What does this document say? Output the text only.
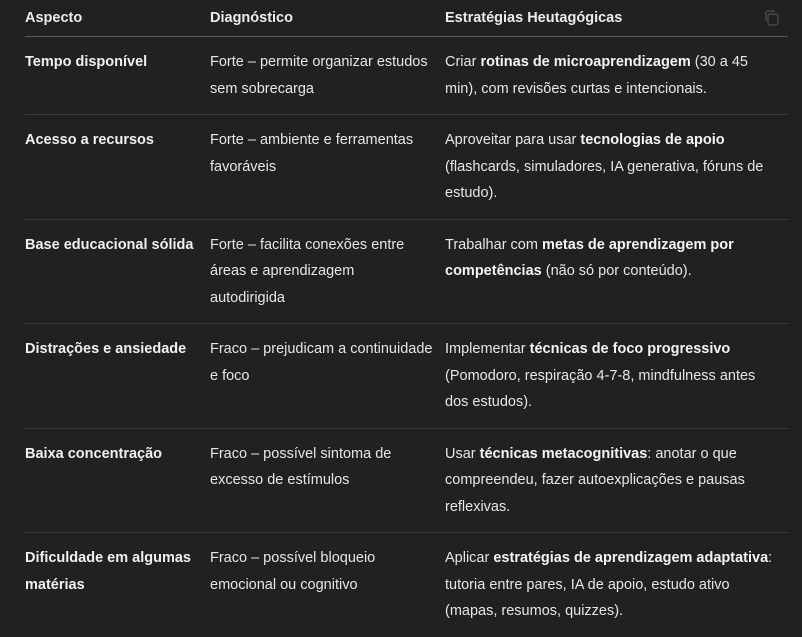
Aspecto	Diagnóstico	Estratégias Heutagógicas
Tempo disponível	Forte – permite organizar estudos sem sobrecarga	Criar rotinas de microaprendizagem (30 a 45 min), com revisões curtas e intencionais.
Acesso a recursos	Forte – ambiente e ferramentas favoráveis	Aproveitar para usar tecnologias de apoio (flashcards, simuladores, IA generativa, fóruns de estudo).
Base educacional sólida	Forte – facilita conexões entre áreas e aprendizagem autodirigida	Trabalhar com metas de aprendizagem por competências (não só por conteúdo).
Distrações e ansiedade	Fraco – prejudicam a continuidade e foco	Implementar técnicas de foco progressivo (Pomodoro, respiração 4-7-8, mindfulness antes dos estudos).
Baixa concentração	Fraco – possível sintoma de excesso de estímulos	Usar técnicas metacognitivas: anotar o que compreendeu, fazer autoexplicações e pausas reflexivas.
Dificuldade em algumas matérias	Fraco – possível bloqueio emocional ou cognitivo	Aplicar estratégias de aprendizagem adaptativa: tutoria entre pares, IA de apoio, estudo ativo (mapas, resumos, quizzes).
